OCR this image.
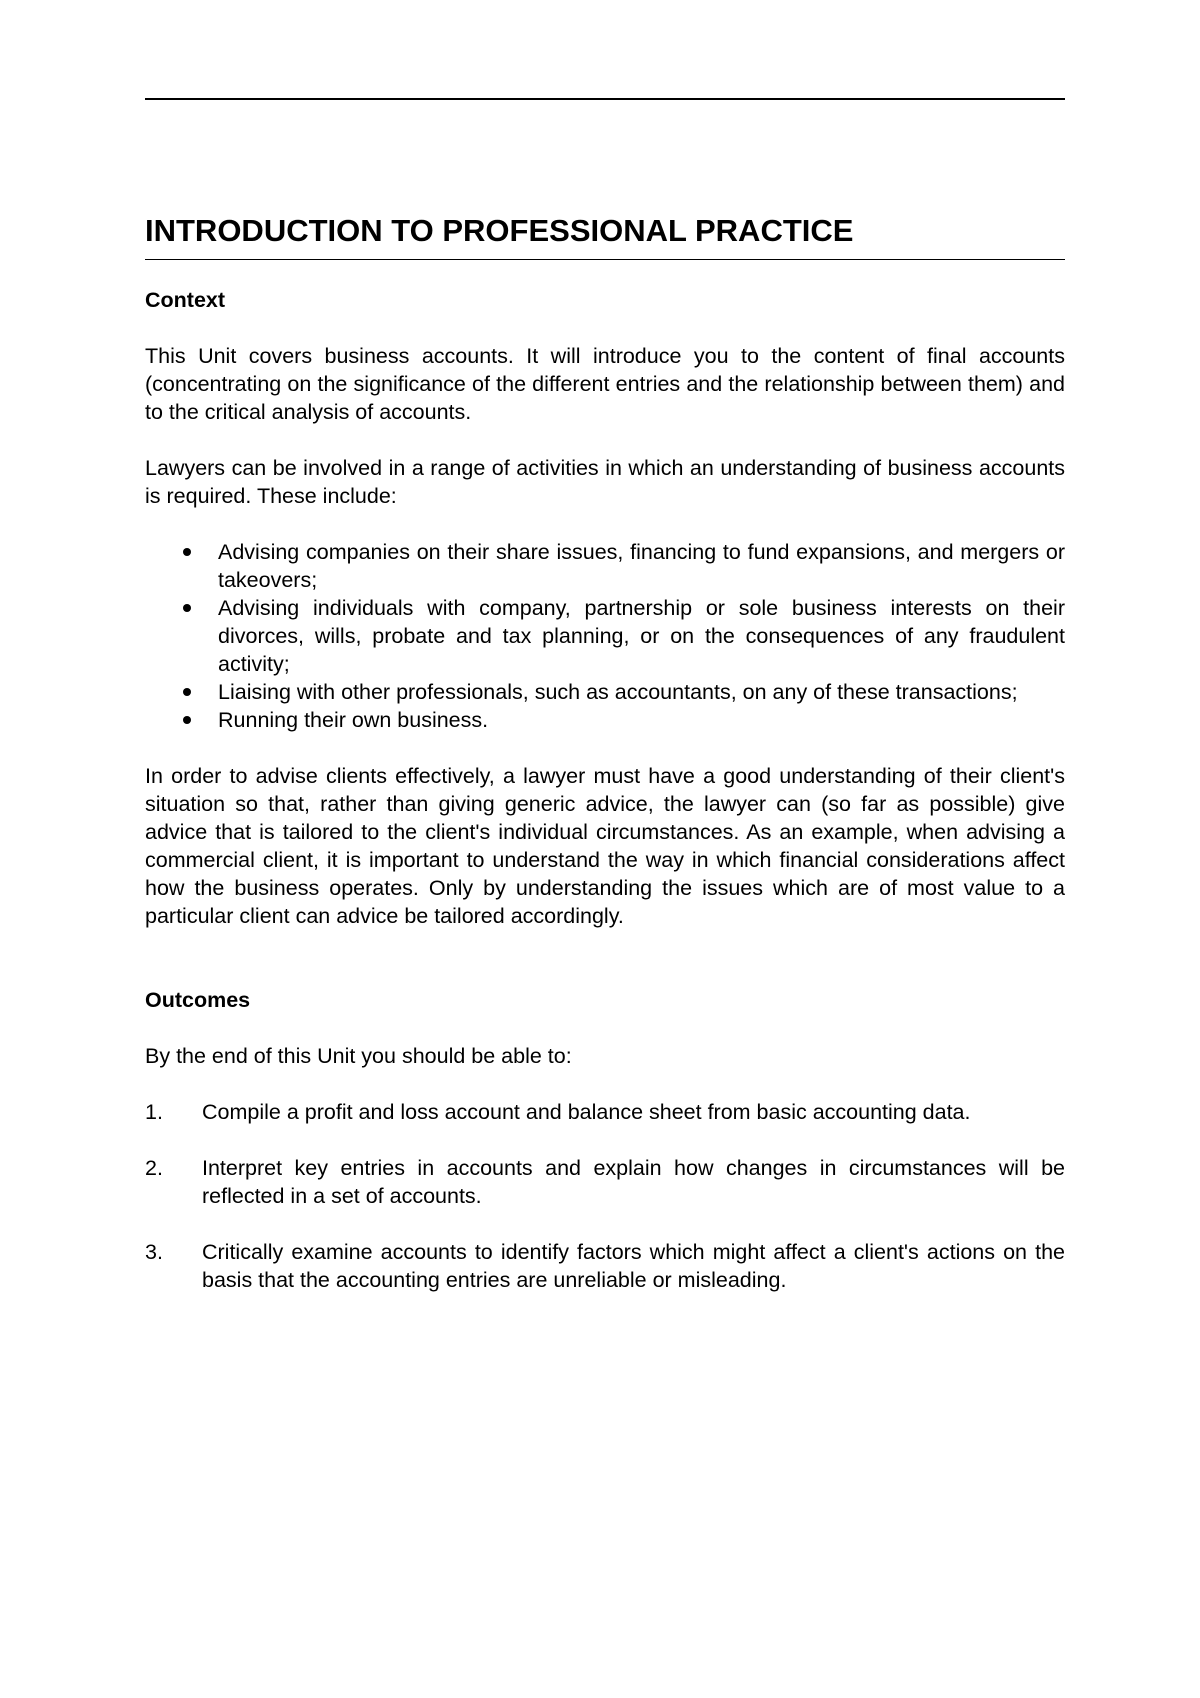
INTRODUCTION TO PROFESSIONAL PRACTICE
Context

This Unit covers business accounts. It will introduce you to the content of final accounts (concentrating on the significance of the different entries and the relationship between them) and to the critical analysis of accounts.

Lawyers can be involved in a range of activities in which an understanding of business accounts is required. These include:

Advising companies on their share issues, financing to fund expansions, and mergers or takeovers;
Advising individuals with company, partnership or sole business interests on their divorces, wills, probate and tax planning, or on the consequences of any fraudulent activity;
Liaising with other professionals, such as accountants, on any of these transactions;
Running their own business.

In order to advise clients effectively, a lawyer must have a good understanding of their client's situation so that, rather than giving generic advice, the lawyer can (so far as possible) give advice that is tailored to the client's individual circumstances. As an example, when advising a commercial client, it is important to understand the way in which financial considerations affect how the business operates. Only by understanding the issues which are of most value to a particular client can advice be tailored accordingly.

Outcomes

By the end of this Unit you should be able to:

1. Compile a profit and loss account and balance sheet from basic accounting data.
2. Interpret key entries in accounts and explain how changes in circumstances will be reflected in a set of accounts.
3. Critically examine accounts to identify factors which might affect a client's actions on the basis that the accounting entries are unreliable or misleading.
